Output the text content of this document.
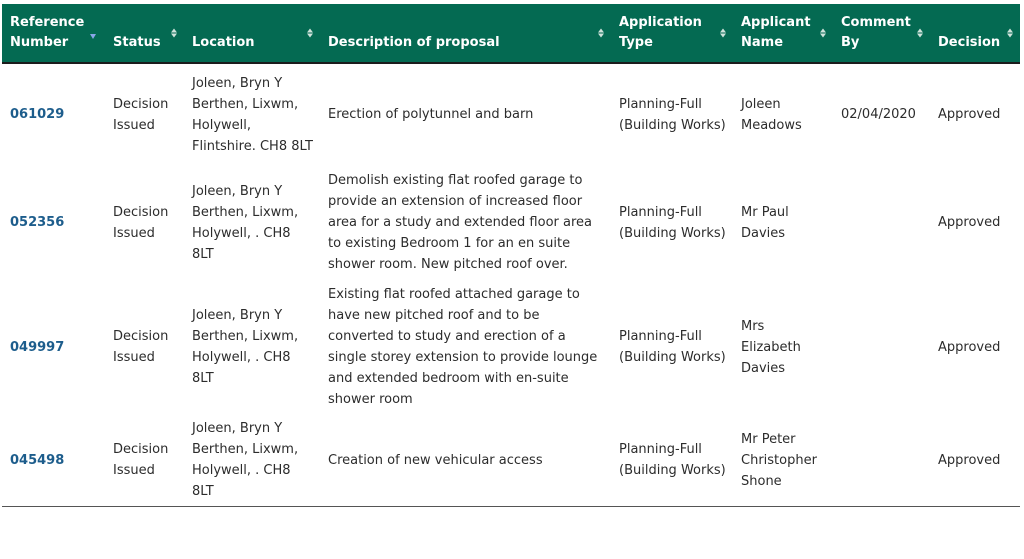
Reference Number	Status	Location	Description of proposal	Application Type	Applicant Name	Comment By	Decision

061029	Decision Issued	Joleen, Bryn Y Berthen, Lixwm, Holywell, Flintshire. CH8 8LT	Erection of polytunnel and barn	Planning-Full (Building Works)	Joleen Meadows	02/04/2020	Approved
052356	Decision Issued	Joleen, Bryn Y Berthen, Lixwm, Holywell, . CH8 8LT	Demolish existing flat roofed garage to provide an extension of increased floor area for a study and extended floor area to existing Bedroom 1 for an en suite shower room. New pitched roof over.	Planning-Full (Building Works)	Mr Paul Davies		Approved
049997	Decision Issued	Joleen, Bryn Y Berthen, Lixwm, Holywell, . CH8 8LT	Existing flat roofed attached garage to have new pitched roof and to be converted to study and erection of a single storey extension to provide lounge and extended bedroom with en-suite shower room	Planning-Full (Building Works)	Mrs Elizabeth Davies		Approved
045498	Decision Issued	Joleen, Bryn Y Berthen, Lixwm, Holywell, . CH8 8LT	Creation of new vehicular access	Planning-Full (Building Works)	Mr Peter Christopher Shone		Approved
